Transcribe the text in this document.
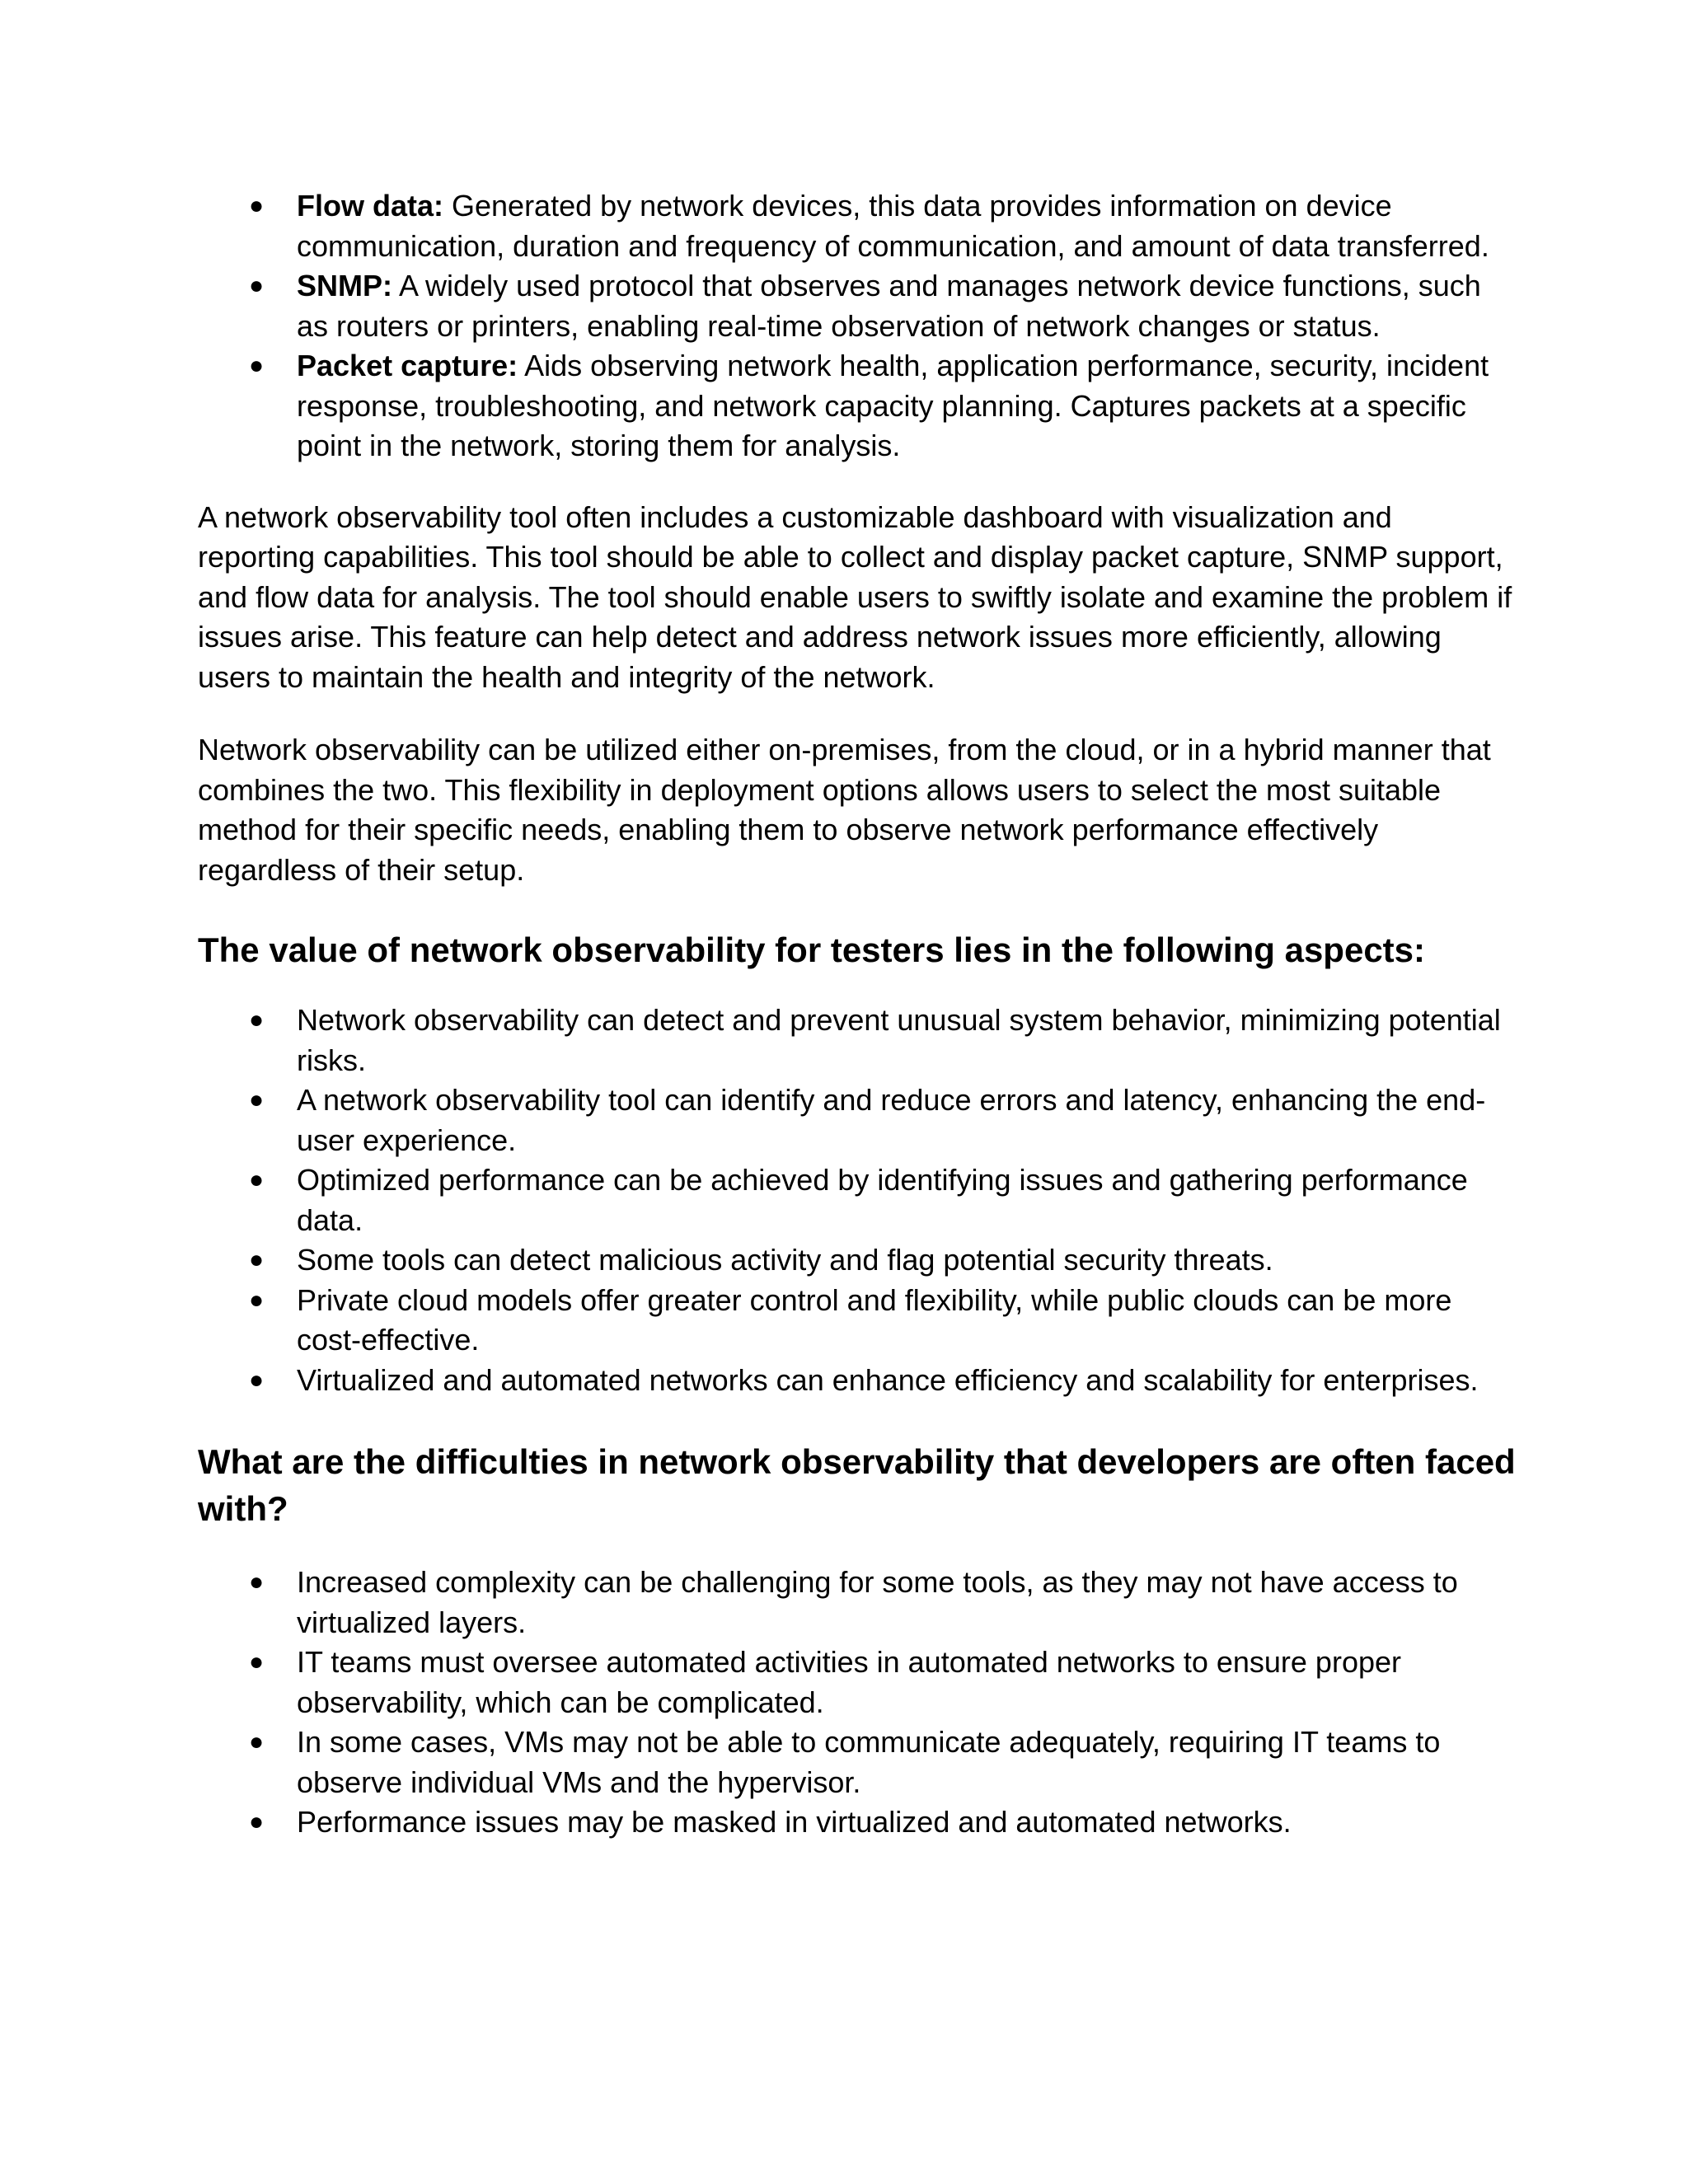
● Flow data: Generated by network devices, this data provides information on device communication, duration and frequency of communication, and amount of data transferred.
● SNMP: A widely used protocol that observes and manages network device functions, such as routers or printers, enabling real-time observation of network changes or status.
● Packet capture: Aids observing network health, application performance, security, incident response, troubleshooting, and network capacity planning. Captures packets at a specific point in the network, storing them for analysis.

A network observability tool often includes a customizable dashboard with visualization and reporting capabilities. This tool should be able to collect and display packet capture, SNMP support, and flow data for analysis. The tool should enable users to swiftly isolate and examine the problem if issues arise. This feature can help detect and address network issues more efficiently, allowing users to maintain the health and integrity of the network.

Network observability can be utilized either on-premises, from the cloud, or in a hybrid manner that combines the two. This flexibility in deployment options allows users to select the most suitable method for their specific needs, enabling them to observe network performance effectively regardless of their setup.

The value of network observability for testers lies in the following aspects:
● Network observability can detect and prevent unusual system behavior, minimizing potential risks.
● A network observability tool can identify and reduce errors and latency, enhancing the end-user experience.
● Optimized performance can be achieved by identifying issues and gathering performance data.
● Some tools can detect malicious activity and flag potential security threats.
● Private cloud models offer greater control and flexibility, while public clouds can be more cost-effective.
● Virtualized and automated networks can enhance efficiency and scalability for enterprises.
What are the difficulties in network observability that developers are often faced with?
● Increased complexity can be challenging for some tools, as they may not have access to virtualized layers.
● IT teams must oversee automated activities in automated networks to ensure proper observability, which can be complicated.
● In some cases, VMs may not be able to communicate adequately, requiring IT teams to observe individual VMs and the hypervisor.
● Performance issues may be masked in virtualized and automated networks.
